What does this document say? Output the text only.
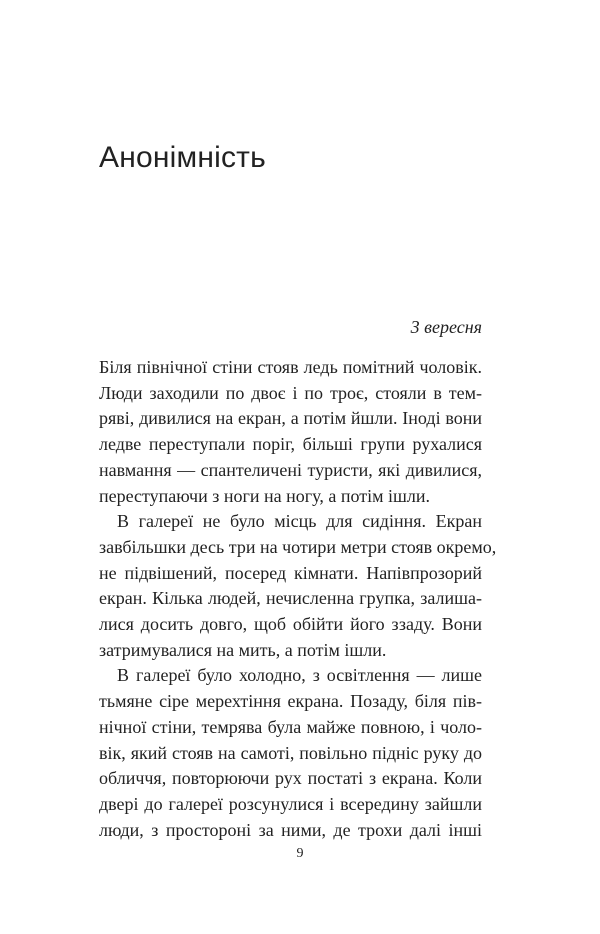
Анонімність
3 вересня
Біля північної стіни стояв ледь помітний чоловік.
Люди заходили по двоє і по троє, стояли в тем-
ряві, дивилися на екран, а потім йшли. Іноді вони
ледве переступали поріг, більші групи рухалися
навмання — спантеличені туристи, які дивилися,
переступаючи з ноги на ногу, а потім ішли.
В галереї не було місць для сидіння. Екран
завбільшки десь три на чотири метри стояв окремо,
не підвішений, посеред кімнати. Напівпрозорий
екран. Кілька людей, нечисленна групка, залиша-
лися досить довго, щоб обійти його ззаду. Вони
затримувалися на мить, а потім ішли.
В галереї було холодно, з освітлення — лише
тьмяне сіре мерехтіння екрана. Позаду, біля пів-
нічної стіни, темрява була майже повною, і чоло-
вік, який стояв на самоті, повільно підніс руку до
обличчя, повторюючи рух постаті з екрана. Коли
двері до галереї розсунулися і всередину зайшли
люди, з простороні за ними, де трохи далі інші
9
